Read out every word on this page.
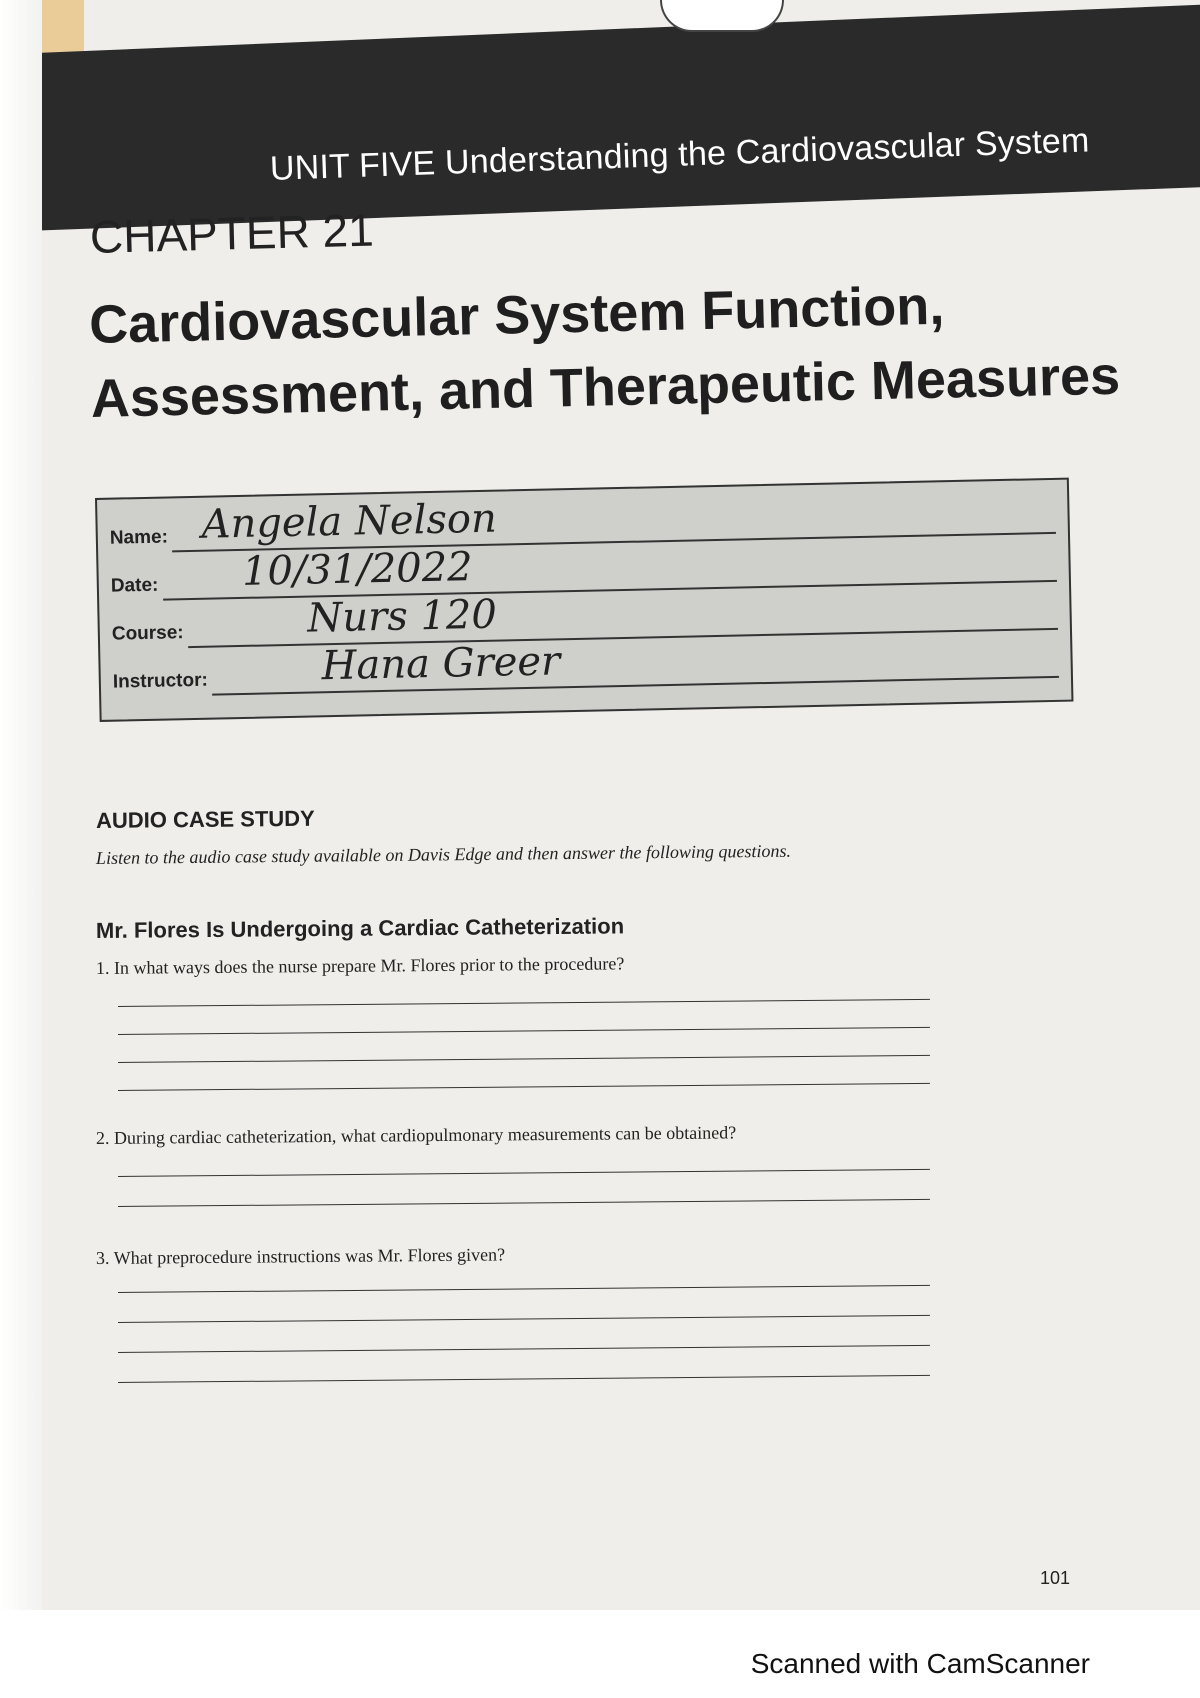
UNIT FIVE Understanding the Cardiovascular System
CHAPTER 21
Cardiovascular System Function,
Assessment, and Therapeutic Measures
Name: Angela Nelson
Date: 10/31/2022
Course:	Nurs 120
Instructor:	Hana Greer
AUDIO CASE STUDY

Listen to the audio case study available on Davis Edge and then answer the following questions.

Mr. Flores Is Undergoing a Cardiac Catheterization

1. In what ways does the nurse prepare Mr. Flores prior to the procedure?

2. During cardiac catheterization, what cardiopulmonary measurements can be obtained?

3. What preprocedure instructions was Mr. Flores given?

101

Scanned with CamScanner
